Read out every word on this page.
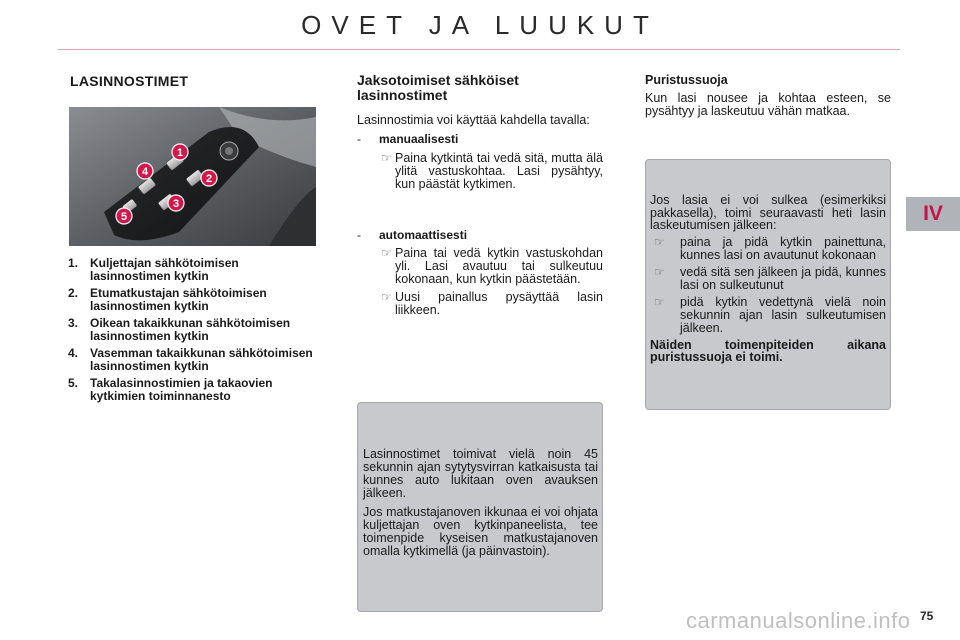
OVET JA LUUKUT
IV
LASINNOSTIMET
1
2
3
4
5
1. Kuljettajan sähkötoimisen lasinnostimen kytkin
2. Etumatkustajan sähkötoimisen lasinnostimen kytkin
3. Oikean takaikkunan sähkötoimisen lasinnostimen kytkin
4. Vasemman takaikkunan sähkötoimisen lasinnostimen kytkin
5. Takalasinnostimien ja takaovien kytkimien toiminnanesto
Jaksotoimiset sähköiset lasinnostimet
Lasinnostimia voi käyttää kahdella tavalla:
- manuaalisesti
☞ Paina kytkintä tai vedä sitä, mutta älä ylitä vastuskohtaa. Lasi pysähtyy, kun päästät kytkimen.
- automaattisesti
☞ Paina tai vedä kytkin vastuskohdan yli. Lasi avautuu tai sulkeutuu kokonaan, kun kytkin päästetään.
☞ Uusi painallus pysäyttää lasin liikkeen.

Lasinnostimet toimivat vielä noin 45 sekunnin ajan sytytysvirran katkaisusta tai kunnes auto lukitaan oven avauksen jälkeen.

Jos matkustajanoven ikkunaa ei voi ohjata kuljettajan oven kytkinpaneelista, tee toimenpide kyseisen matkustajanoven omalla kytkimellä (ja päinvastoin).

Puristussuoja
Kun lasi nousee ja kohtaa esteen, se pysähtyy ja laskeutuu vähän matkaa.

Jos lasia ei voi sulkea (esimerkiksi pakkasella), toimi seuraavasti heti lasin laskeutumisen jälkeen:

☞	paina ja pidä kytkin painettuna, kunnes lasi on avautunut kokonaan
☞	vedä sitä sen jälkeen ja pidä, kunnes lasi on sulkeutunut
☞	pidä kytkin vedettynä vielä noin sekunnin ajan lasin sulkeutumisen jälkeen.

Näiden toimenpiteiden aikana puristussuoja ei toimi.

carmanualsonline.info 75
